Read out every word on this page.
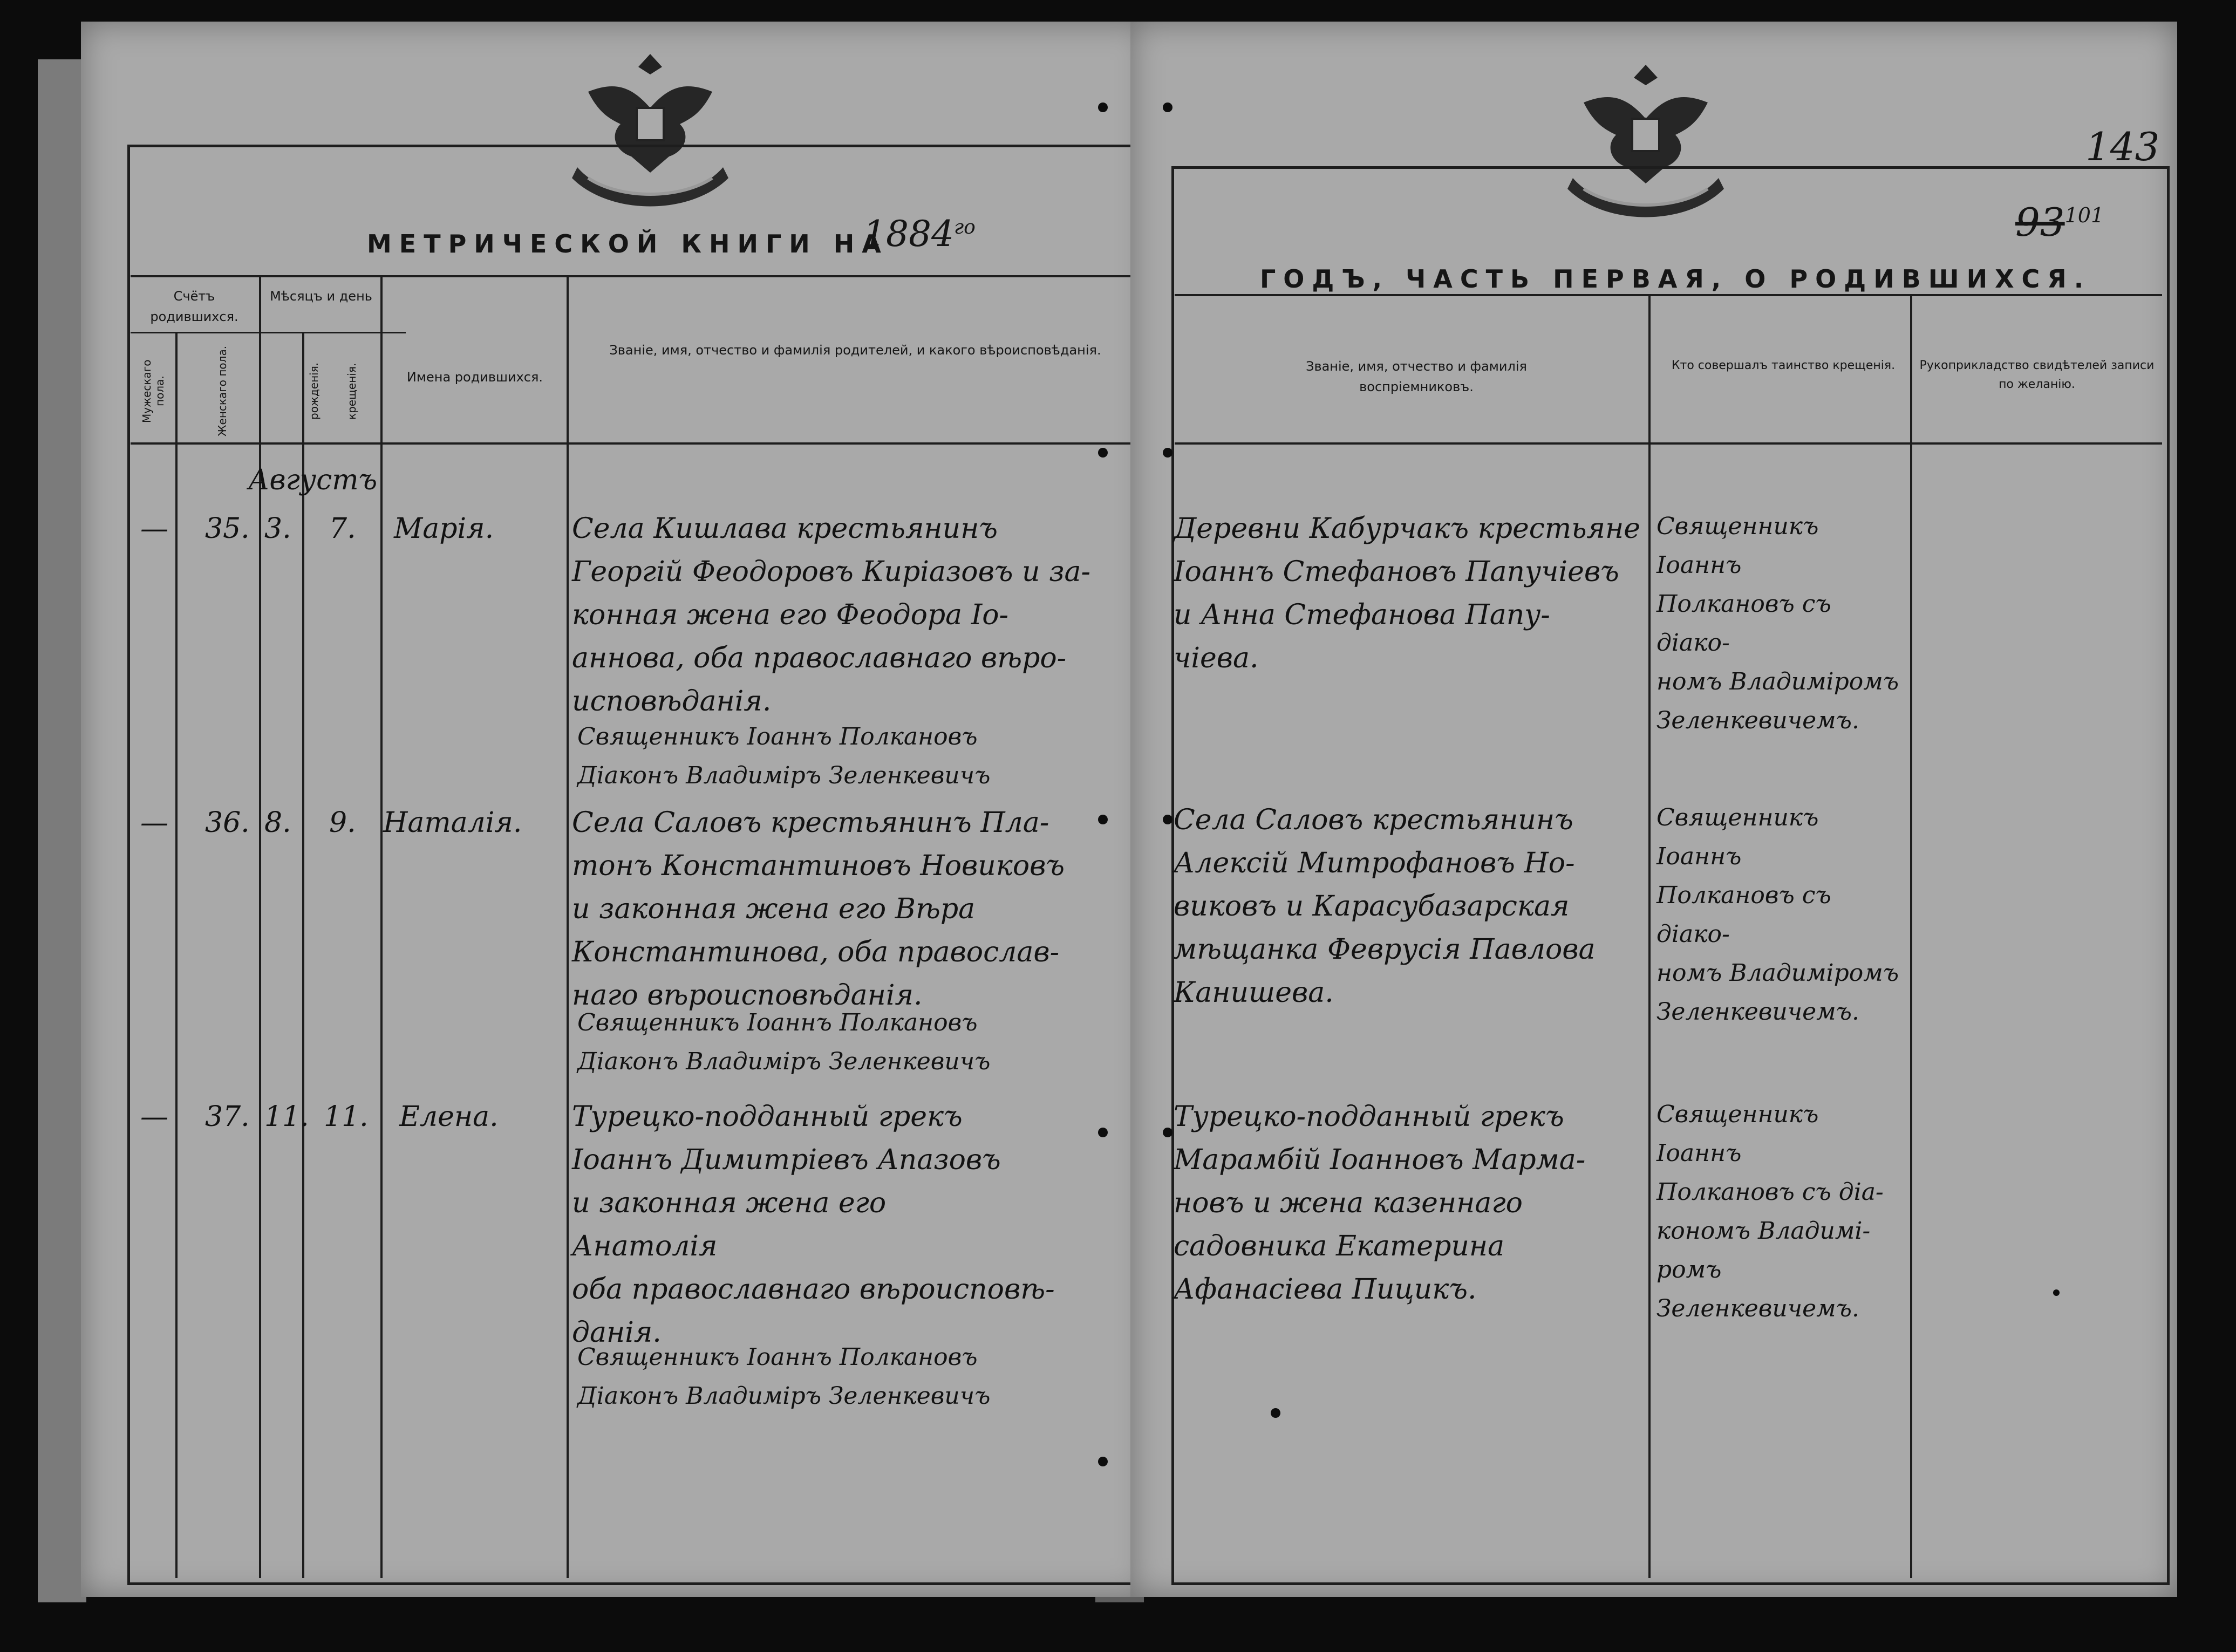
МЕТРИЧЕСКОЙ КНИГИ НА
$1884^{го}$
Счётъ родившихся.
Мужескаго пола.	Женскаго пола.
Мѣсяцъ и день
рожденія. крещенія.	Имена родившихся.
Званіе, имя, отчество и фамилія родителей, и какого вѣроисповѣданія.
Августъ
— 35. 3. 7. Марія.	Села Кишлава крестьянинъ
Георгій Феодоровъ Киріазовъ и за-
конная жена его Феодора Іо-
аннова, оба православнаго вѣро-
исповѣданія.
Священникъ Іоаннъ Полкановъ
Діаконъ Владиміръ Зеленкевичъ
— 36. 8. 9. Наталія. Села Саловъ крестьянинъ Пла-
тонъ Константиновъ Новиковъ
и законная жена его Вѣра
Константинова, оба православ-
наго вѣроисповѣданія.
Священникъ Іоаннъ Полкановъ
Діаконъ Владиміръ Зеленкевичъ
— 37. 11. 11. Елена.	Турецко-подданный грекъ
Іоаннъ Димитріевъ Апазовъ
и законная жена его
Анатолія
оба православнаго вѣроисповѣ-
данія.
Священникъ Іоаннъ Полкановъ
Діаконъ Владиміръ Зеленкевичъ
143
$93^{101}$
ГОДЪ, ЧАСТЬ ПЕРВАЯ, О РОДИВШИХСЯ.
Званіе, имя, отчество и фамилія воспріемниковъ.
Кто совершалъ таинство крещенія. Рукоприкладство свидѣтелей записи по желанію.
Деревни Кабурчакъ крестьяне
Іоаннъ Стефановъ Папучіевъ
и Анна Стефанова Папу-
чіева.
Священникъ Іоаннъ
Полкановъ съ діако-
номъ Владиміромъ
Зеленкевичемъ.
Села Саловъ крестьянинъ
Алексій Митрофановъ Но-
виковъ и Карасубазарская
мѣщанка Феврусія Павлова
Канишева.
Священникъ Іоаннъ
Полкановъ съ діако-
номъ Владиміромъ
Зеленкевичемъ.
Турецко-подданный грекъ
Марамбій Іоанновъ Марма-
новъ и жена казеннаго
садовника Екатерина
Афанасіева Пицикъ.
Священникъ Іоаннъ
Полкановъ съ діа-
кономъ Владимі-
ромъ Зеленкевичемъ.
